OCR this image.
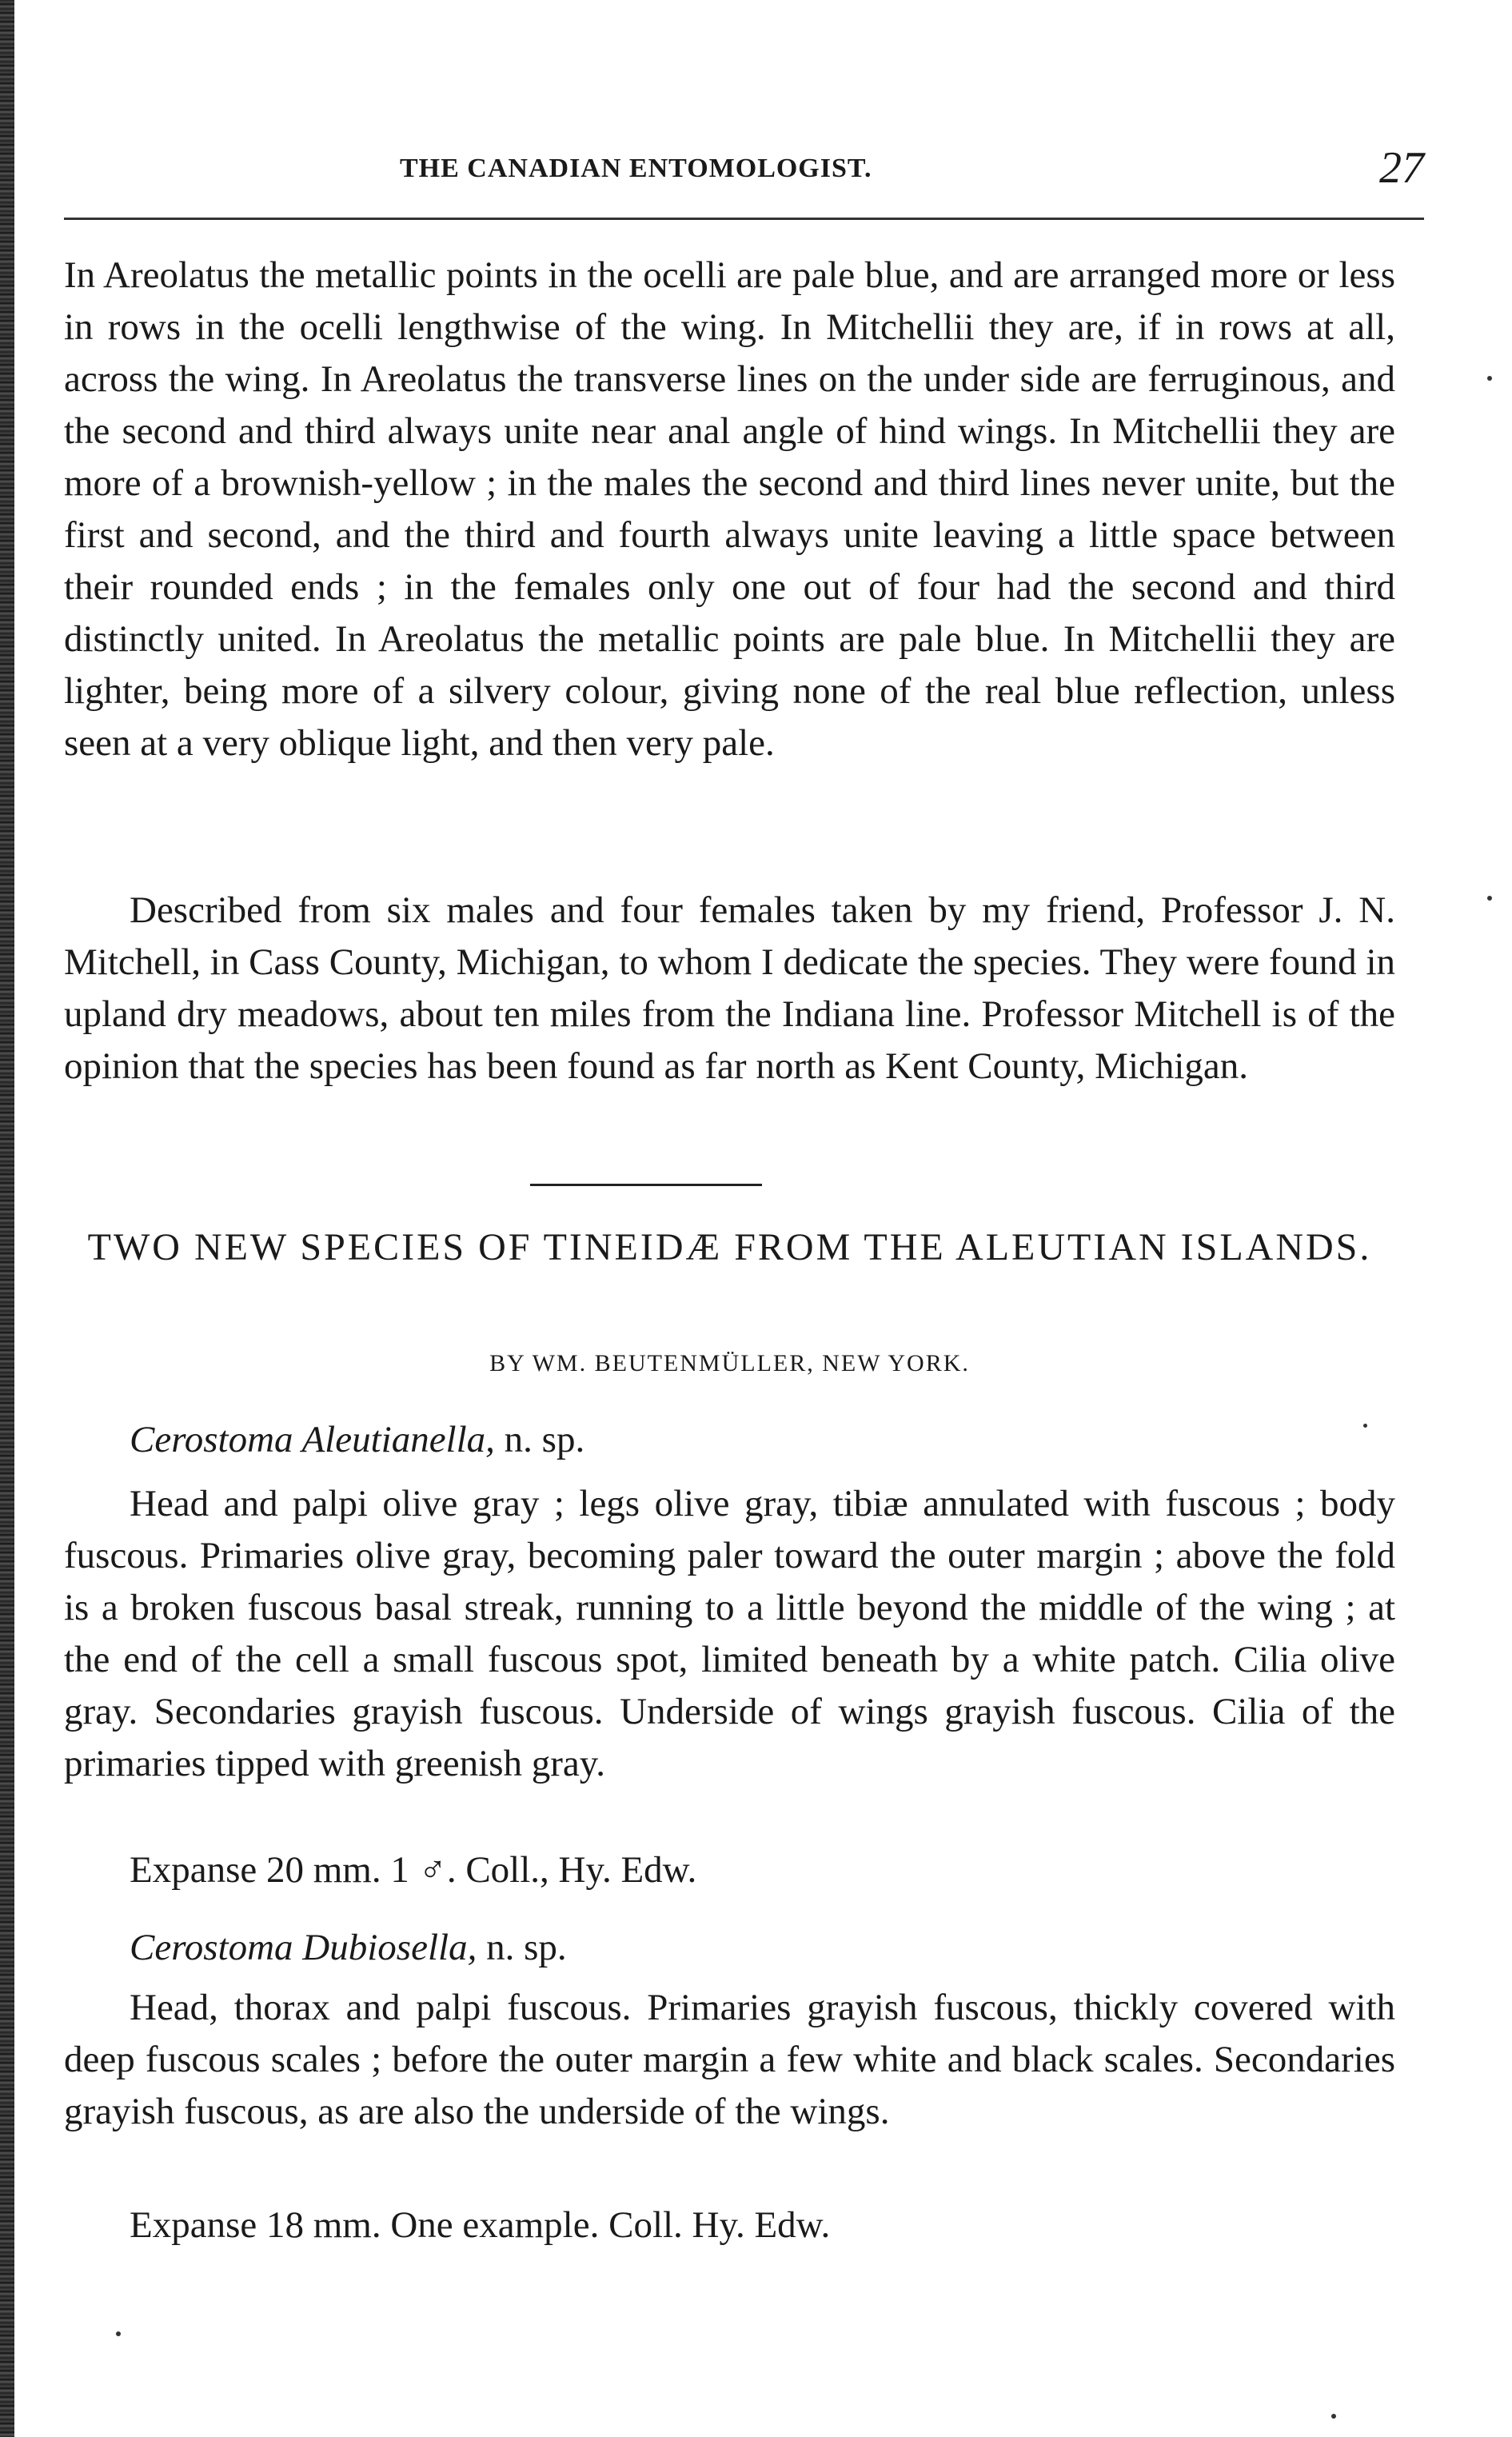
THE CANADIAN ENTOMOLOGIST.	27

In Areolatus the metallic points in the ocelli are pale blue, and are arranged more or less in rows in the ocelli lengthwise of the wing. In Mitchellii they are, if in rows at all, across the wing. In Areolatus the transverse lines on the under side are ferruginous, and the second and third always unite near anal angle of hind wings. In Mitchellii they are more of a brownish-yellow ; in the males the second and third lines never unite, but the first and second, and the third and fourth always unite leaving a little space between their rounded ends ; in the females only one out of four had the second and third distinctly united. In Areolatus the metallic points are pale blue. In Mitchellii they are lighter, being more of a silvery colour, giving none of the real blue reflection, unless seen at a very oblique light, and then very pale.

Described from six males and four females taken by my friend, Professor J. N. Mitchell, in Cass County, Michigan, to whom I dedicate the species. They were found in upland dry meadows, about ten miles from the Indiana line. Professor Mitchell is of the opinion that the species has been found as far north as Kent County, Michigan.

TWO NEW SPECIES OF TINEIDÆ FROM THE ALEUTIAN ISLANDS.
BY WM. BEUTENMÜLLER, NEW YORK.
Cerostoma Aleutianella, n. sp.

Head and palpi olive gray ; legs olive gray, tibiæ annulated with fuscous ; body fuscous. Primaries olive gray, becoming paler toward the outer margin ; above the fold is a broken fuscous basal streak, running to a little beyond the middle of the wing ; at the end of the cell a small fuscous spot, limited beneath by a white patch. Cilia olive gray. Secondaries grayish fuscous. Underside of wings grayish fuscous. Cilia of the primaries tipped with greenish gray.

Expanse 20 mm. 1 ♂. Coll., Hy. Edw.
Cerostoma Dubiosella, n. sp.

Head, thorax and palpi fuscous. Primaries grayish fuscous, thickly covered with deep fuscous scales ; before the outer margin a few white and black scales. Secondaries grayish fuscous, as are also the underside of the wings.

Expanse 18 mm. One example. Coll. Hy. Edw.
